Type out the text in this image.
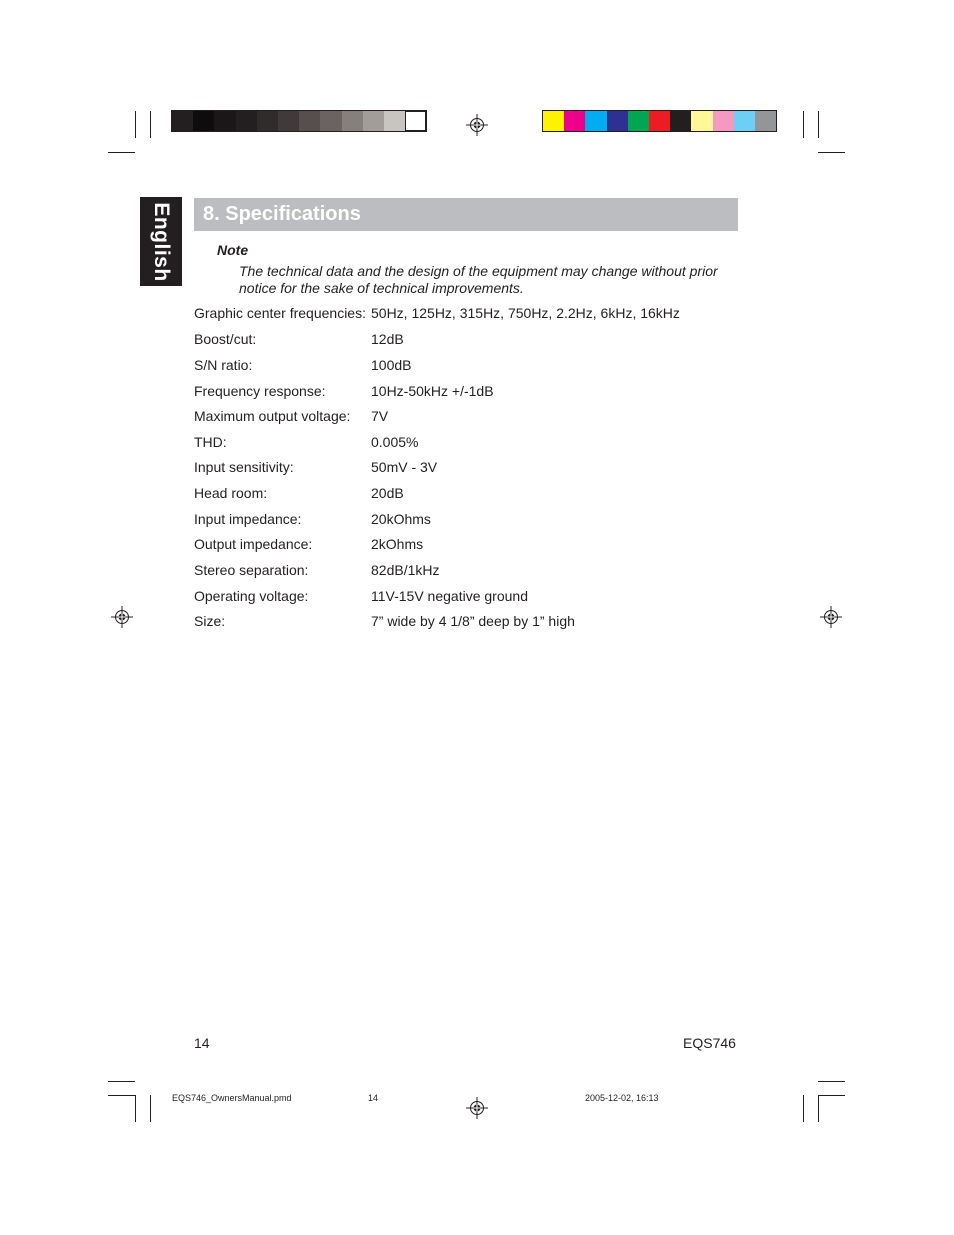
English 8. Specifications
Note
The technical data and the design of the equipment may change without prior notice for the sake of technical improvements.
Graphic center frequencies: 50Hz, 125Hz, 315Hz, 750Hz, 2.2Hz, 6kHz, 16kHz
Boost/cut:	12dB
S/N ratio:	100dB
Frequency response:	10Hz-50kHz +/-1dB
Maximum output voltage: 7V
THD:	0.005%
Input sensitivity:	50mV - 3V
Head room:	20dB
Input impedance:	20kOhms
Output impedance:	2kOhms
Stereo separation:	82dB/1kHz
Operating voltage:	11V-15V negative ground
Size:	7” wide by 4 1/8” deep by 1” high
14	EQS746
EQS746_OwnersManual.pmd	14	2005-12-02, 16:13
